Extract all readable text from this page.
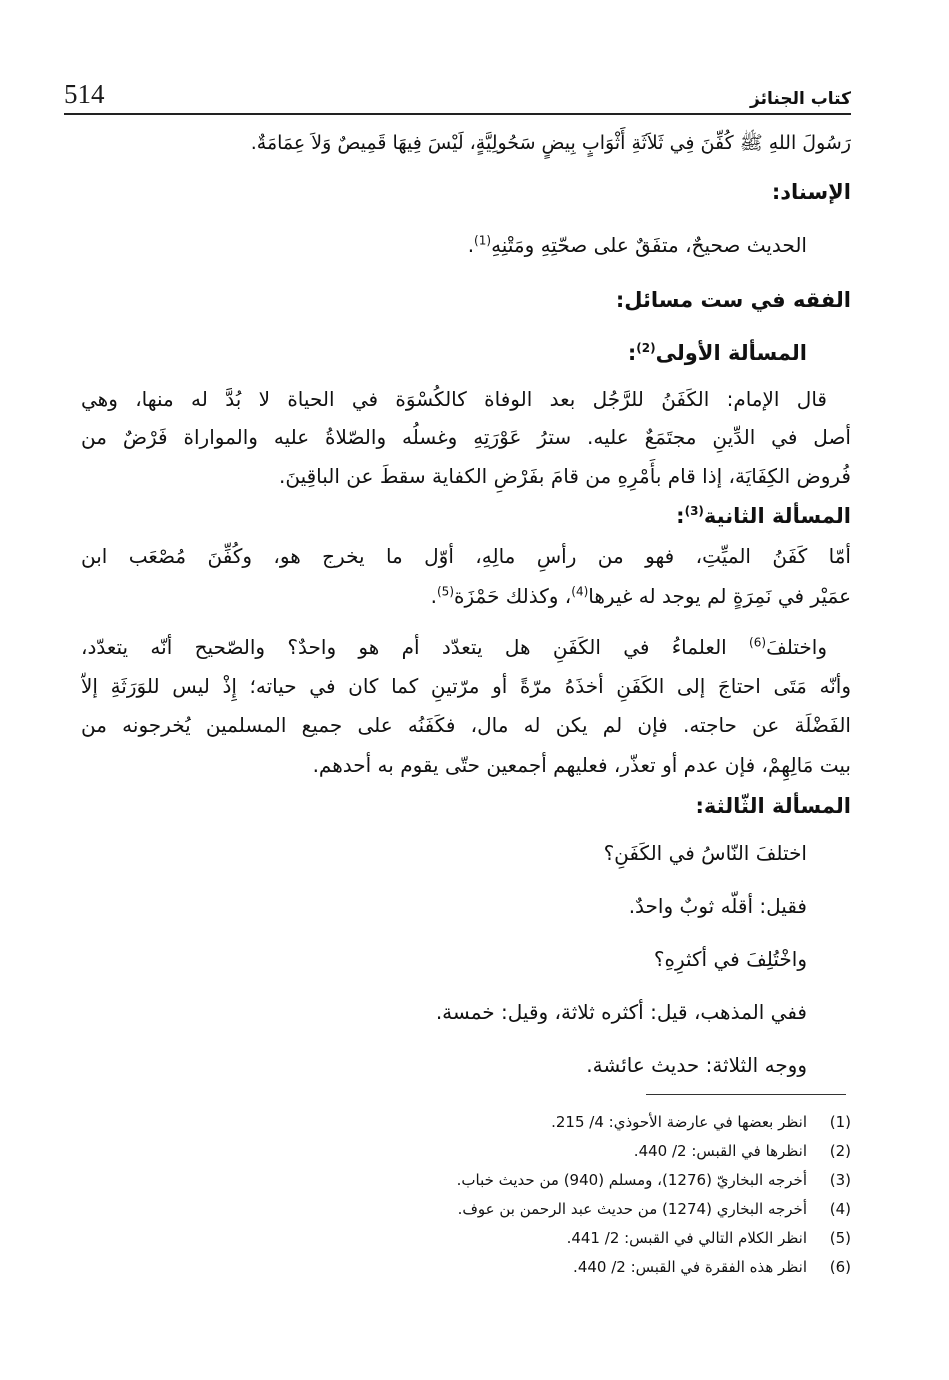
514	كتاب الجنائز
رَسُولَ اللهِ ﷺ كُفِّنَ فِي ثَلاَثَةِ أَثْوَابٍ بِيضٍ سَحُولِيَّةٍ، لَيْسَ فِيهَا قَمِيصٌ وَلاَ عِمَامَةٌ.
الإسناد:
الحديث صحيحٌ، متفَقٌ على صحّتِهِ ومَتْنِهِ$^{(1)}$.
الفقه في ست مسائل:
المسألة الأولى$^{(2)}$:
قال الإمام: الكَفَنُ للرَّجُل بعد الوفاة كالكُسْوَة في الحياة لا بُدَّ له منها، وهي
أصل في الدِّينِ مجتَمَعٌ عليه. سترُ عَوْرَتِهِ وغسلُه والصّلاةُ عليه والمواراة فَرْضٌ من
فُروض الكِفَايَة، إذا قام بأَمْرِهِ من قامَ بفَرْضِ الكفاية سقطَ عن الباقِينَ.
المسألة الثانية$^{(3)}$:
أمّا كَفَنُ الميِّتِ، فهو من رأسِ مالِهِ، أوّل ما يخرج هو، وكُفِّنَ مُصْعَب ابن
عمَيْر في نَمِرَةٍ لم يوجد له غيرها$^{(4)}$، وكذلك حَمْزَة$^{(5)}$.
واختلفَ$^{(6)}$ العلماءُ في الكَفَنِ هل يتعدّد أم هو واحدٌ؟ والصّحيح أنّه يتعدّد،
وأنّه مَتَى احتاجَ إلى الكَفَنِ أخذَهُ مرّةً أو مرّتينِ كما كان في حياته؛ إِذْ ليس للوَرَثَةِ إلاّ
الفَضْلَة عن حاجته. فإن لم يكن له مال، فكَفَنُه على جميع المسلمين يُخرجونه من
بيت مَالِهِمْ، فإن عدم أو تعذّر، فعليهم أجمعين حتّى يقوم به أحدهم.
المسألة الثّالثة:
اختلفَ النّاسُ في الكَفَنِ؟
فقيل: أقلّه ثوبٌ واحدٌ.
واخْتُلِفَ في أكثرِهِ؟
ففي المذهب، قيل: أكثره ثلاثة، وقيل: خمسة.
ووجه الثلاثة: حديث عائشة.
(1)
انظر بعضها في عارضة الأحوذي: 4/ 215.
(2)
انظرها في القبس: 2/ 440.
(3)
أخرجه البخاريّ (1276)، ومسلم (940) من حديث خباب.
(4)
أخرجه البخاري (1274) من حديث عبد الرحمن بن عوف.
(5)
انظر الكلام التالي في القبس: 2/ 441.
(6)
انظر هذه الفقرة في القبس: 2/ 440.
